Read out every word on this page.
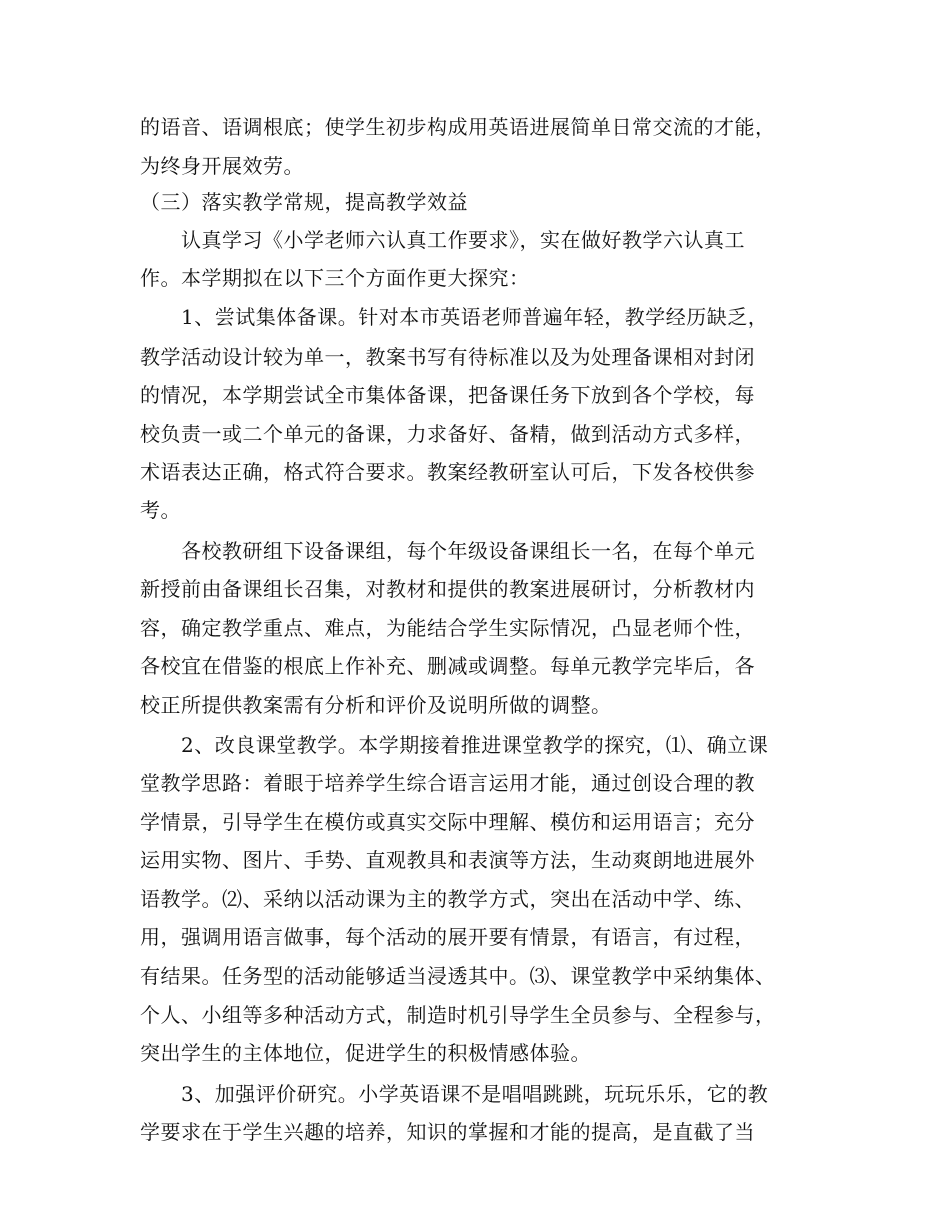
的语音、语调根底；使学生初步构成用英语进展简单日常交流的才能，
为终身开展效劳。
（三）落实教学常规，提高教学效益
　　认真学习《小学老师六认真工作要求》，实在做好教学六认真工
作。本学期拟在以下三个方面作更大探究：
　　1、尝试集体备课。针对本市英语老师普遍年轻，教学经历缺乏，
教学活动设计较为单一，教案书写有待标准以及为处理备课相对封闭
的情况，本学期尝试全市集体备课，把备课任务下放到各个学校，每
校负责一或二个单元的备课，力求备好、备精，做到活动方式多样，
术语表达正确，格式符合要求。教案经教研室认可后，下发各校供参
考。
　　各校教研组下设备课组，每个年级设备课组长一名，在每个单元
新授前由备课组长召集，对教材和提供的教案进展研讨，分析教材内
容，确定教学重点、难点，为能结合学生实际情况，凸显老师个性，
各校宜在借鉴的根底上作补充、删减或调整。每单元教学完毕后，各
校正所提供教案需有分析和评价及说明所做的调整。
　　2、改良课堂教学。本学期接着推进课堂教学的探究，⑴、确立课
堂教学思路：着眼于培养学生综合语言运用才能，通过创设合理的教
学情景，引导学生在模仿或真实交际中理解、模仿和运用语言；充分
运用实物、图片、手势、直观教具和表演等方法，生动爽朗地进展外
语教学。⑵、采纳以活动课为主的教学方式，突出在活动中学、练、
用，强调用语言做事，每个活动的展开要有情景，有语言，有过程，
有结果。任务型的活动能够适当浸透其中。⑶、课堂教学中采纳集体、
个人、小组等多种活动方式，制造时机引导学生全员参与、全程参与，
突出学生的主体地位，促进学生的积极情感体验。
　　3、加强评价研究。小学英语课不是唱唱跳跳，玩玩乐乐，它的教
学要求在于学生兴趣的培养，知识的掌握和才能的提高，是直截了当
